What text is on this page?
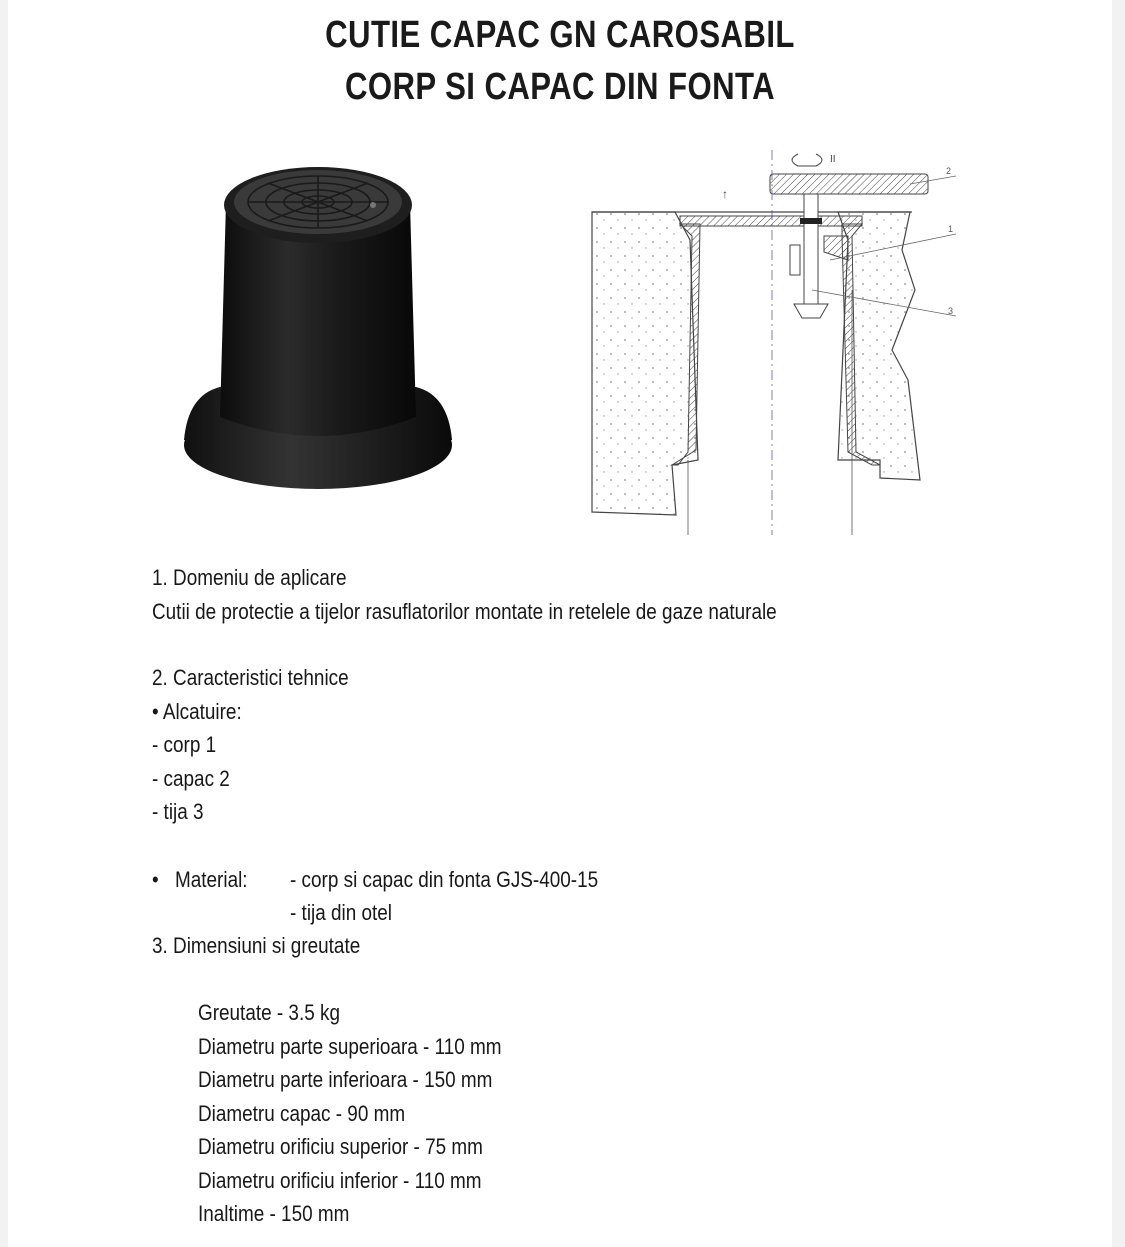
CUTIE CAPAC GN CAROSABIL
CORP SI CAPAC DIN FONTA
II
↑
2
1
3
1. Domeniu de aplicare
Cutii de protectie a tijelor rasuflatorilor montate in retelele de gaze naturale
2. Caracteristici tehnice
• Alcatuire:
- corp 1
- capac 2
- tija 3
• Material: - corp si capac din fonta GJS-400-15
- tija din otel
3. Dimensiuni si greutate
Greutate - 3.5 kg
Diametru parte superioara - 110 mm
Diametru parte inferioara - 150 mm
Diametru capac - 90 mm
Diametru orificiu superior - 75 mm
Diametru orificiu inferior - 110 mm
Inaltime - 150 mm
